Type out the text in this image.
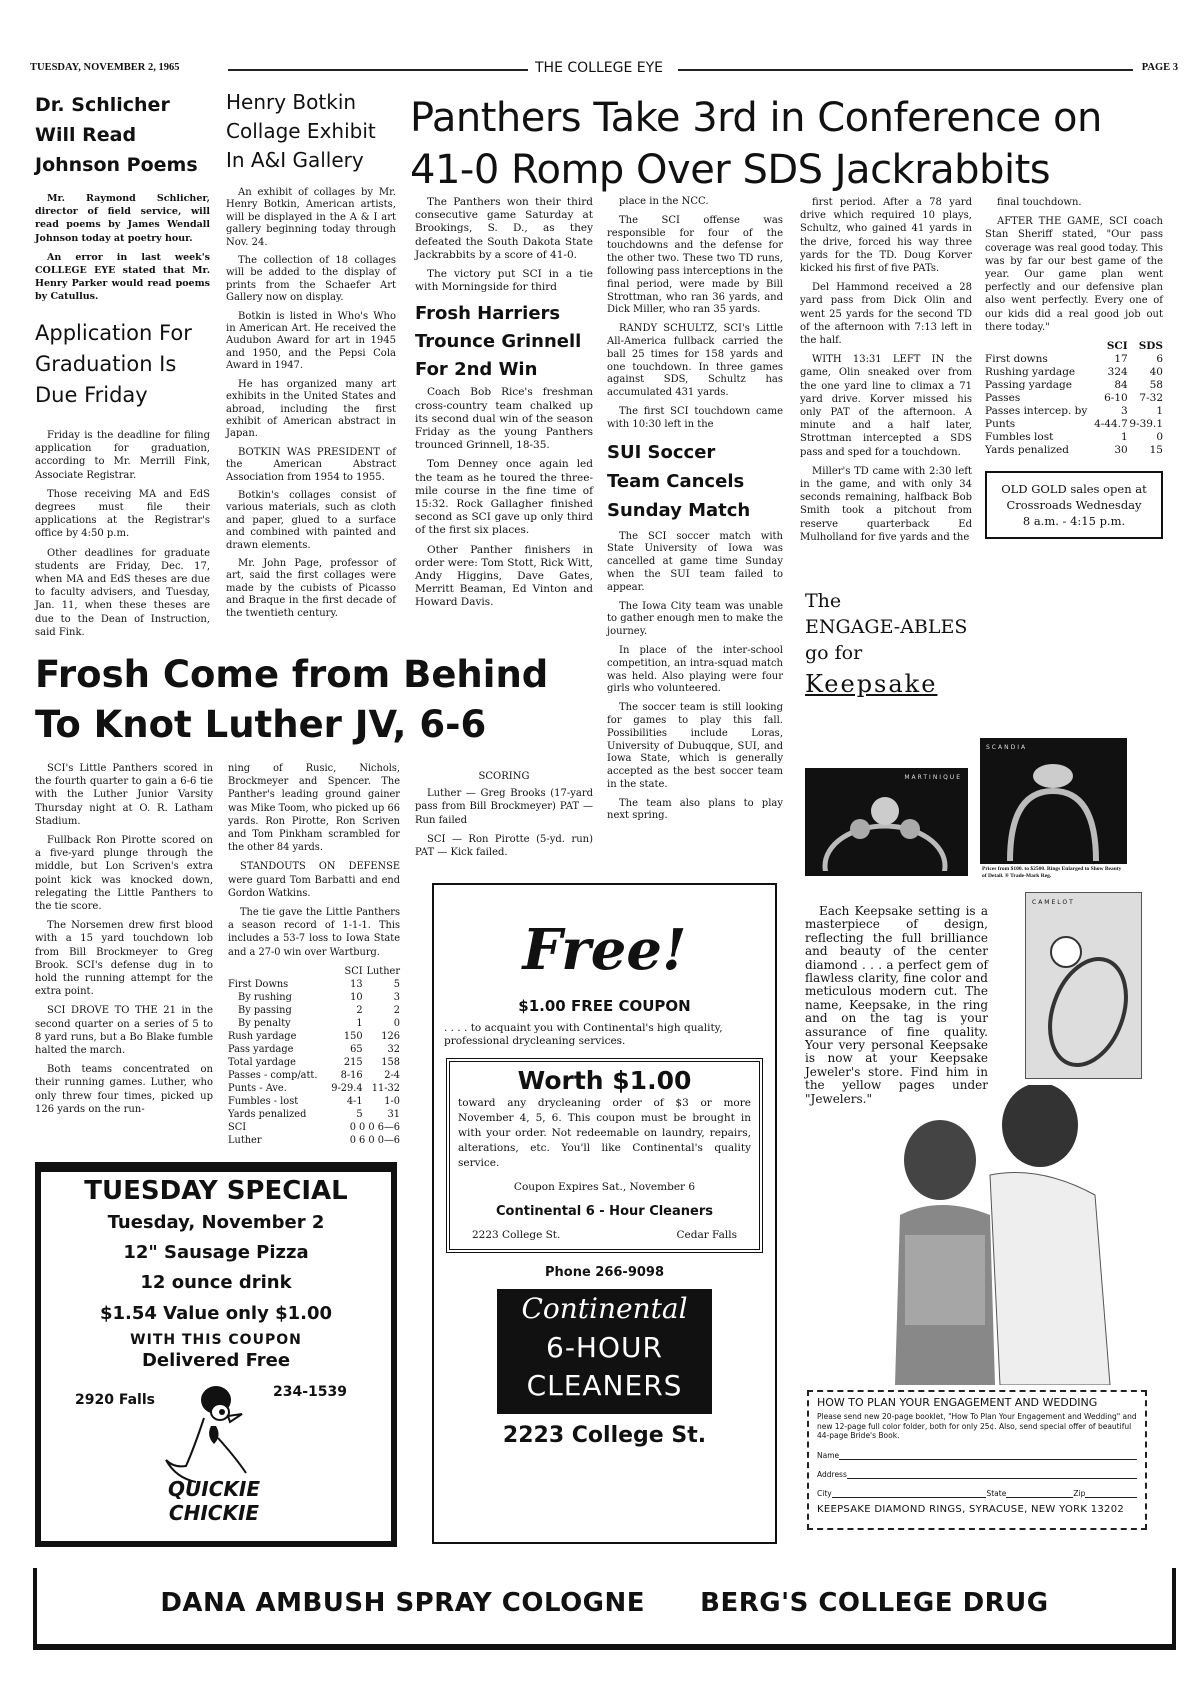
TUESDAY, NOVEMBER 2, 1965	THE COLLEGE EYE	PAGE 3
Dr. Schlicher
Will Read
Johnson Poems

Mr. Raymond Schlicher, director of field service, will read poems by James Wendall Johnson today at poetry hour.

An error in last week's COLLEGE EYE stated that Mr. Henry Parker would read poems by Catullus.

Application For
Graduation Is
Due Friday

Friday is the deadline for filing application for graduation, according to Mr. Merrill Fink, Associate Registrar.

Those receiving MA and EdS degrees must file their applications at the Registrar's office by 4:50 p.m.

Other deadlines for graduate students are Friday, Dec. 17, when MA and EdS theses are due to faculty advisers, and Tuesday, Jan. 11, when these theses are due to the Dean of Instruction, said Fink.

Henry Botkin
Collage Exhibit
In A&I Gallery

An exhibit of collages by Mr. Henry Botkin, American artists, will be displayed in the A & I art gallery beginning today through Nov. 24.

The collection of 18 collages will be added to the display of prints from the Schaefer Art Gallery now on display.

Botkin is listed in Who's Who in American Art. He received the Audubon Award for art in 1945 and 1950, and the Pepsi Cola Award in 1947.

He has organized many art exhibits in the United States and abroad, including the first exhibit of American abstract in Japan.

BOTKIN WAS PRESIDENT of the American Abstract Association from 1954 to 1955.

Botkin's collages consist of various materials, such as cloth and paper, glued to a surface and combined with painted and drawn elements.

Mr. John Page, professor of art, said the first collages were made by the cubists of Picasso and Braque in the first decade of the twentieth century.

Panthers Take 3rd in Conference on
41-0 Romp Over SDS Jackrabbits

The Panthers won their third consecutive game Saturday at Brookings, S. D., as they defeated the South Dakota State Jackrabbits by a score of 41-0.

The victory put SCI in a tie with Morningside for third

Frosh Harriers
Trounce Grinnell
For 2nd Win

Coach Bob Rice's freshman cross-country team chalked up its second dual win of the season Friday as the young Panthers trounced Grinnell, 18-35.

Tom Denney once again led the team as he toured the three-mile course in the fine time of 15:32. Rock Gallagher finished second as SCI gave up only third of the first six places.

Other Panther finishers in order were: Tom Stott, Rick Witt, Andy Higgins, Dave Gates, Merritt Beaman, Ed Vinton and Howard Davis.

place in the NCC.

The SCI offense was responsible for four of the touchdowns and the defense for the other two. These two TD runs, following pass interceptions in the final period, were made by Bill Strottman, who ran 36 yards, and Dick Miller, who ran 35 yards.

RANDY SCHULTZ, SCI's Little All-America fullback carried the ball 25 times for 158 yards and one touchdown. In three games against SDS, Schultz has accumulated 431 yards.

The first SCI touchdown came with 10:30 left in the

SUI Soccer
Team Cancels
Sunday Match

The SCI soccer match with State University of Iowa was cancelled at game time Sunday when the SUI team failed to appear.

The Iowa City team was unable to gather enough men to make the journey.

In place of the inter-school competition, an intra-squad match was held. Also playing were four girls who volunteered.

The soccer team is still looking for games to play this fall. Possibilities include Loras, University of Dubuqque, SUI, and Iowa State, which is generally accepted as the best soccer team in the state.

The team also plans to play next spring.

first period. After a 78 yard drive which required 10 plays, Schultz, who gained 41 yards in the drive, forced his way three yards for the TD. Doug Korver kicked his first of five PATs.

Del Hammond received a 28 yard pass from Dick Olin and went 25 yards for the second TD of the afternoon with 7:13 left in the half.

WITH 13:31 LEFT IN the game, Olin sneaked over from the one yard line to climax a 71 yard drive. Korver missed his only PAT of the afternoon. A minute and a half later, Strottman intercepted a SDS pass and sped for a touchdown.

Miller's TD came with 2:30 left in the game, and with only 34 seconds remaining, halfback Bob Smith took a pitchout from reserve quarterback Ed Mulholland for five yards and the

final touchdown.

AFTER THE GAME, SCI coach Stan Sheriff stated, "Our pass coverage was real good today. This was by far our best game of the year. Our game plan went perfectly and our defensive plan also went perfectly. Every one of our kids did a real good job out there today."

	SCI	SDS
First downs	17	6
Rushing yardage	324	40
Passing yardage	84	58
Passes	6-10	7-32
Passes intercep. by	3	1
Punts	4-44.7	9-39.1
Fumbles lost	1	0
Yards penalized	30	15
OLD GOLD sales open at
Crossroads Wednesday
8 a.m. - 4:15 p.m.
Frosh Come from Behind
To Knot Luther JV, 6-6

SCI's Little Panthers scored in the fourth quarter to gain a 6-6 tie with the Luther Junior Varsity Thursday night at O. R. Latham Stadium.

Fullback Ron Pirotte scored on a five-yard plunge through the middle, but Lon Scriven's extra point kick was knocked down, relegating the Little Panthers to the tie score.

The Norsemen drew first blood with a 15 yard touchdown lob from Bill Brockmeyer to Greg Brook. SCI's defense dug in to hold the running attempt for the extra point.

SCI DROVE TO THE 21 in the second quarter on a series of 5 to 8 yard runs, but a Bo Blake fumble halted the march.

Both teams concentrated on their running games. Luther, who only threw four times, picked up 126 yards on the run-

ning of Rusic, Nichols, Brockmeyer and Spencer. The Panther's leading ground gainer was Mike Toom, who picked up 66 yards. Ron Pirotte, Ron Scriven and Tom Pinkham scrambled for the other 84 yards.

STANDOUTS ON DEFENSE were guard Tom Barbatti and end Gordon Watkins.

The tie gave the Little Panthers a season record of 1-1-1. This includes a 53-7 loss to Iowa State and a 27-0 win over Wartburg.

	SCI	Luther
First Downs	13	5
By rushing	10	3
By passing	2	2
By penalty	1	0
Rush yardage	150	126
Pass yardage	65	32
Total yardage	215	158
Passes - comp/att.	8-16	2-4
Punts - Ave.	9-29.4	11-32
Fumbles - lost	4-1	1-0
Yards penalized	5	31
SCI	0 0 0 6—6	
Luther	0 6 0 0—6	
SCORING

Luther — Greg Brooks (17-yard pass from Bill Brockmeyer) PAT — Run failed

SCI — Ron Pirotte (5-yd. run) PAT — Kick failed.

TUESDAY SPECIAL
Tuesday, November 2
12" Sausage Pizza
12 ounce drink
$1.54 Value only $1.00
WITH THIS COUPON
Delivered Free
2920 Falls	234-1539
QUICKIE
CHICKIE
Free!
$1.00 FREE COUPON
. . . . to acquaint you with Continental's high quality, professional drycleaning services.
Worth $1.00
toward any drycleaning order of $3 or more November 4, 5, 6. This coupon must be brought in with your order. Not redeemable on laundry, repairs, alterations, etc. You'll like Continental's quality service.
Coupon Expires Sat., November 6
Continental 6 - Hour Cleaners
2223 College St.	Cedar Falls
Phone 266-9098
Continental
6-HOUR
CLEANERS
2223 College St.
The
ENGAGE-ABLES
go for
Keepsake
MARTINIQUE
SCANDIA
Prices from $100. to $2500. Rings Enlarged to Show Beauty of Detail. ® Trade-Mark Reg.

Each Keepsake setting is a masterpiece of design, reflecting the full brilliance and beauty of the center diamond . . . a perfect gem of flawless clarity, fine color and meticulous modern cut. The name, Keepsake, in the ring and on the tag is your assurance of fine quality. Your very personal Keepsake is now at your Keepsake Jeweler's store. Find him in the yellow pages under "Jewelers."

CAMELOT
HOW TO PLAN YOUR ENGAGEMENT AND WEDDING
Please send new 20-page booklet, "How To Plan Your Engagement and Wedding" and new 12-page full color folder, both for only 25¢. Also, send special offer of beautiful 44-page Bride's Book.
Name
Address
City	State	Zip
KEEPSAKE DIAMOND RINGS, SYRACUSE, NEW YORK 13202
DANA AMBUSH SPRAY COLOGNE BERG'S COLLEGE DRUG
